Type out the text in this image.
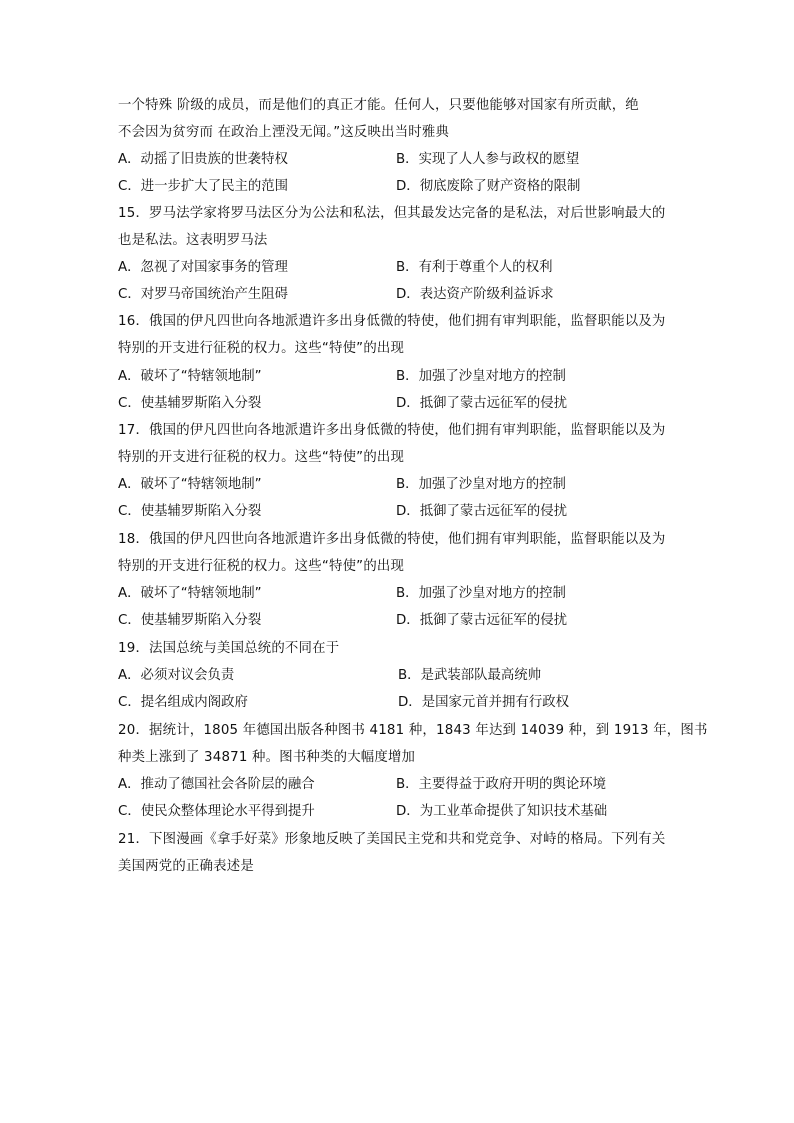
一个特殊 阶级的成员，而是他们的真正才能。任何人，只要他能够对国家有所贡献，绝
不会因为贫穷而 在政治上湮没无闻。”这反映出当时雅典
A．动摇了旧贵族的世袭特权	B．实现了人人参与政权的愿望
C．进一步扩大了民主的范围	D．彻底废除了财产资格的限制
15．罗马法学家将罗马法区分为公法和私法，但其最发达完备的是私法，对后世影响最大的
也是私法。这表明罗马法
A．忽视了对国家事务的管理	B．有利于尊重个人的权利
C．对罗马帝国统治产生阻碍	D．表达资产阶级利益诉求
16．俄国的伊凡四世向各地派遣许多出身低微的特使，他们拥有审判职能，监督职能以及为
特别的开支进行征税的权力。这些“特使”的出现
A．破坏了“特辖领地制”	B．加强了沙皇对地方的控制
C．使基辅罗斯陷入分裂	D．抵御了蒙古远征军的侵扰
17．俄国的伊凡四世向各地派遣许多出身低微的特使，他们拥有审判职能，监督职能以及为
特别的开支进行征税的权力。这些“特使”的出现
A．破坏了“特辖领地制”	B．加强了沙皇对地方的控制
C．使基辅罗斯陷入分裂	D．抵御了蒙古远征军的侵扰
18．俄国的伊凡四世向各地派遣许多出身低微的特使，他们拥有审判职能，监督职能以及为
特别的开支进行征税的权力。这些“特使”的出现
A．破坏了“特辖领地制”	B．加强了沙皇对地方的控制
C．使基辅罗斯陷入分裂	D．抵御了蒙古远征军的侵扰
19．法国总统与美国总统的不同在于
A．必须对议会负责	B．是武装部队最高统帅
C．提名组成内阁政府	D．是国家元首并拥有行政权
20．据统计，1805 年德国出版各种图书 4181 种，1843 年达到 14039 种，到 1913 年，图书
种类上涨到了 34871 种。图书种类的大幅度增加
A．推动了德国社会各阶层的融合	B．主要得益于政府开明的舆论环境
C．使民众整体理论水平得到提升	D．为工业革命提供了知识技术基础
21．下图漫画《拿手好菜》形象地反映了美国民主党和共和党竞争、对峙的格局。下列有关
美国两党的正确表述是
